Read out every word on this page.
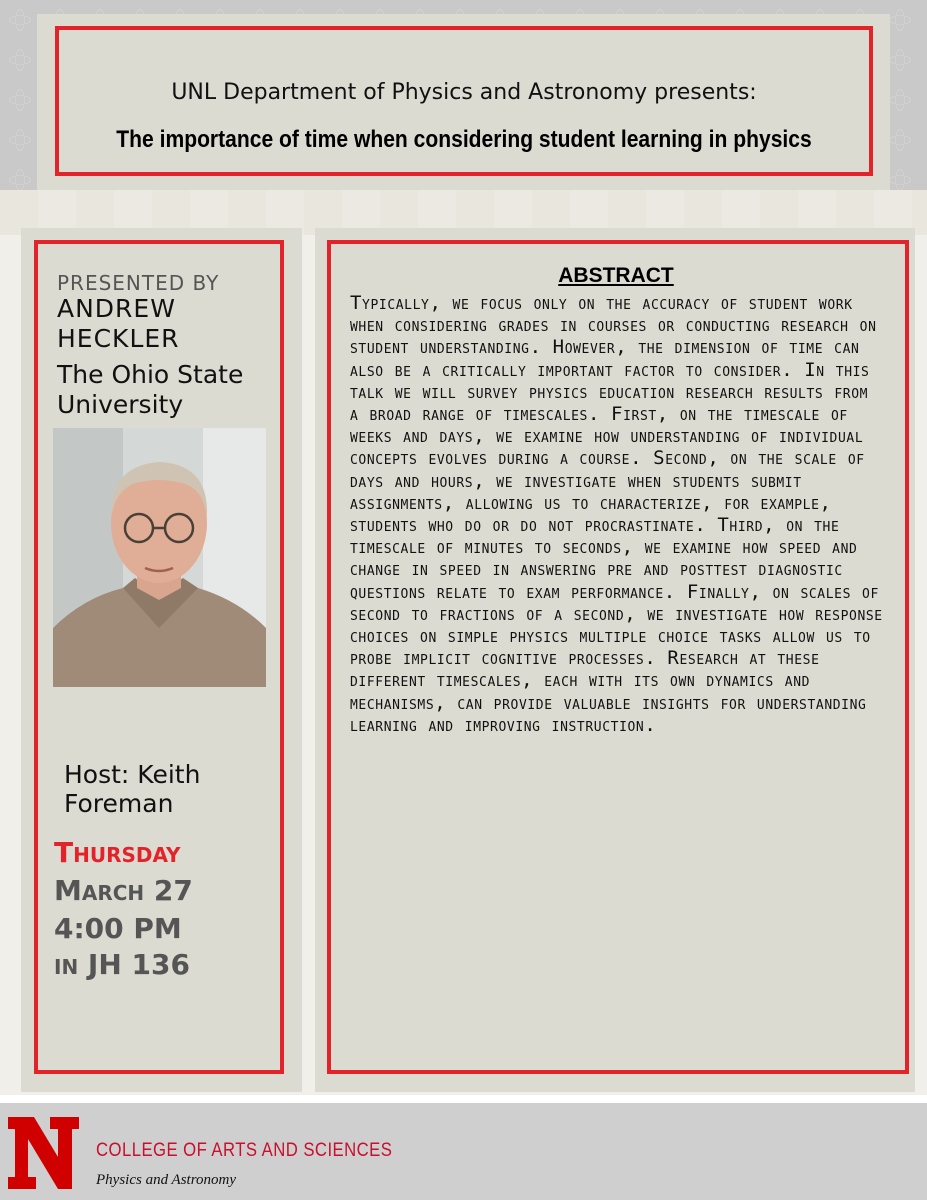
UNL Department of Physics and Astronomy presents:
The importance of time when considering student learning in physics
PRESENTED BY
ANDREW HECKLER
The Ohio State University
Host: Keith Foreman
Thursday
March 27
4:00 PM
in JH 136
ABSTRACT
Typically, we focus only on the accuracy of student work when considering grades in courses or conducting research on student understanding. However, the dimension of time can also be a critically important factor to consider. In this talk we will survey physics education research results from a broad range of timescales. First, on the timescale of weeks and days, we examine how understanding of individual concepts evolves during a course. Second, on the scale of days and hours, we investigate when students submit assignments, allowing us to characterize, for example, students who do or do not procrastinate. Third, on the timescale of minutes to seconds, we examine how speed and change in speed in answering pre and posttest diagnostic questions relate to exam performance. Finally, on scales of second to fractions of a second, we investigate how response choices on simple physics multiple choice tasks allow us to probe implicit cognitive processes. Research at these different timescales, each with its own dynamics and mechanisms, can provide valuable insights for understanding learning and improving instruction.
COLLEGE OF ARTS AND SCIENCES
Physics and Astronomy
